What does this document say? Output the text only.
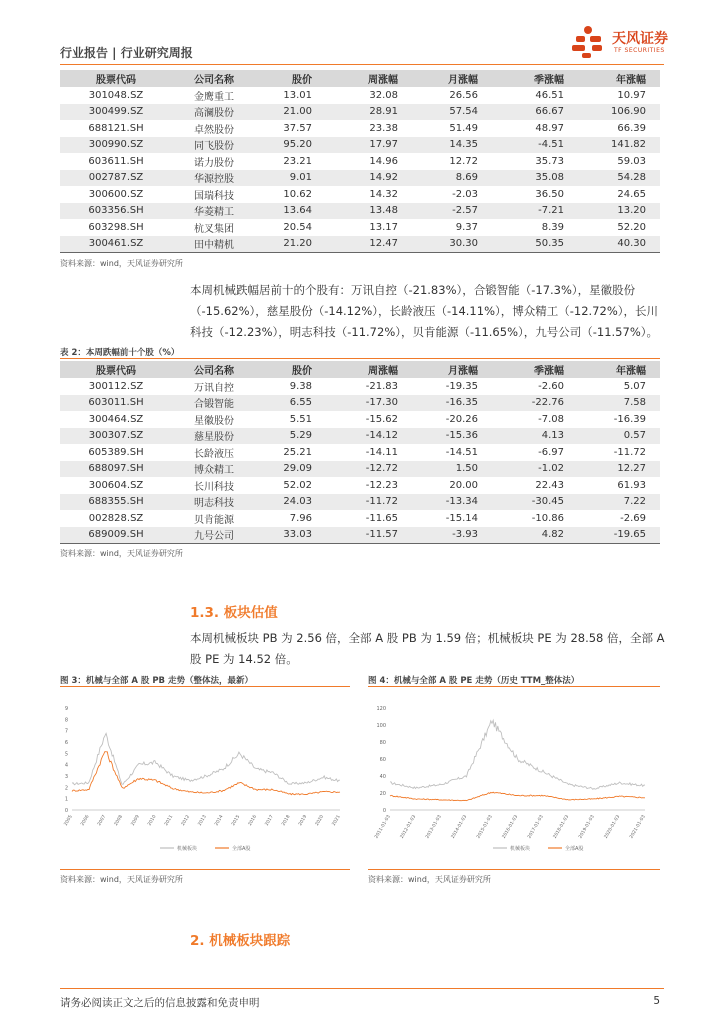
行业报告 | 行业研究周报
天风证券
TF SECURITIES
股票代码	公司名称	股价	周涨幅	月涨幅	季涨幅	年涨幅
301048.SZ	金鹰重工	13.01	32.08	26.56	46.51	10.97
300499.SZ	高澜股份	21.00	28.91	57.54	66.67	106.90
688121.SH	卓然股份	37.57	23.38	51.49	48.97	66.39
300990.SZ	同飞股份	95.20	17.97	14.35	-4.51	141.82
603611.SH	诺力股份	23.21	14.96	12.72	35.73	59.03
002787.SZ	华源控股	9.01	14.92	8.69	35.08	54.28
300600.SZ	国瑞科技	10.62	14.32	-2.03	36.50	24.65
603356.SH	华菱精工	13.64	13.48	-2.57	-7.21	13.20
603298.SH	杭叉集团	20.54	13.17	9.37	8.39	52.20
300461.SZ	田中精机	21.20	12.47	30.30	50.35	40.30
资料来源：wind，天风证券研究所
本周机械跌幅居前十的个股有：万讯自控（-21.83%），合锻智能（-17.3%），星徽股份（-15.62%），慈星股份（-14.12%），长龄液压（-14.11%），博众精工（-12.72%），长川科技（-12.23%），明志科技（-11.72%），贝肯能源（-11.65%），九号公司（-11.57%）。
表 2：本周跌幅前十个股（%）
股票代码	公司名称	股价	周涨幅	月涨幅	季涨幅	年涨幅
300112.SZ	万讯自控	9.38	-21.83	-19.35	-2.60	5.07
603011.SH	合锻智能	6.55	-17.30	-16.35	-22.76	7.58
300464.SZ	星徽股份	5.51	-15.62	-20.26	-7.08	-16.39
300307.SZ	慈星股份	5.29	-14.12	-15.36	4.13	0.57
605389.SH	长龄液压	25.21	-14.11	-14.51	-6.97	-11.72
688097.SH	博众精工	29.09	-12.72	1.50	-1.02	12.27
300604.SZ	长川科技	52.02	-12.23	20.00	22.43	61.93
688355.SH	明志科技	24.03	-11.72	-13.34	-30.45	7.22
002828.SZ	贝肯能源	7.96	-11.65	-15.14	-10.86	-2.69
689009.SH	九号公司	33.03	-11.57	-3.93	4.82	-19.65
资料来源：wind，天风证券研究所
1.3. 板块估值
本周机械板块 PB 为 2.56 倍，全部 A 股 PB 为 1.59 倍；机械板块 PE 为 28.58 倍，全部 A 股 PE 为 14.52 倍。
图 3：机械与全部 A 股 PB 走势（整体法，最新）	图 4：机械与全部 A 股 PE 走势（历史 TTM_整体法）
0
1
2
3
4
5
6
7
8
9
2005 2006 2007 2008 2009 2010 2011 2012 2013 2014 2015 2016 2017 2018 2019 2020 2021
机械板块	全部A股
0
20
40
60
80
100
120
2011-01-03 2012-01-03 2013-01-03 2014-01-03 2015-01-03 2016-01-03 2017-01-03 2018-01-03 2019-01-03 2020-01-03 2021-01-03
机械板块	全部A股
资料来源：wind，天风证券研究所	资料来源：wind，天风证券研究所
2. 机械板块跟踪
请务必阅读正文之后的信息披露和免责申明	5
